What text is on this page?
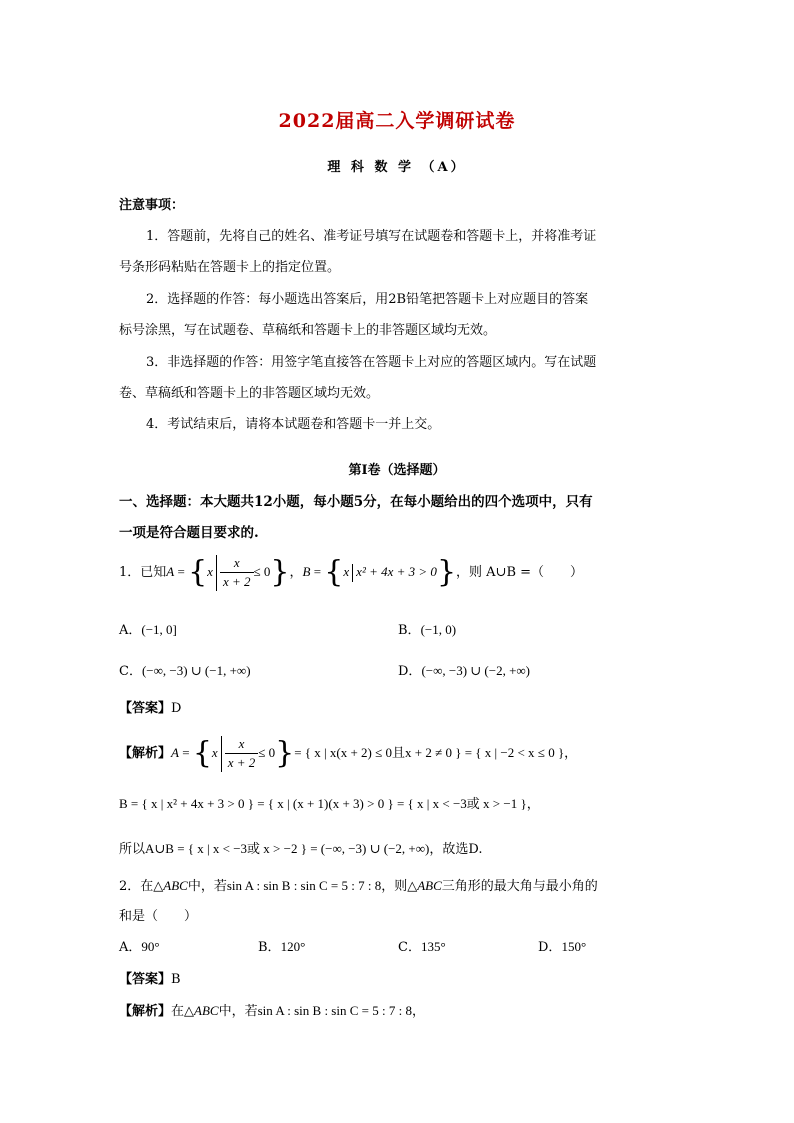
2022届高二入学调研试卷
理 科 数 学 （A）
注意事项：
1．答题前，先将自己的姓名、准考证号填写在试题卷和答题卡上，并将准考证
号条形码粘贴在答题卡上的指定位置。
2．选择题的作答：每小题选出答案后，用2B铅笔把答题卡上对应题目的答案
标号涂黑，写在试题卷、草稿纸和答题卡上的非答题区域均无效。
3．非选择题的作答：用签字笔直接答在答题卡上对应的答题区域内。写在试题
卷、草稿纸和答题卡上的非答题区域均无效。
4．考试结束后，请将本试题卷和答题卡一并上交。
第Ⅰ卷（选择题）
一、选择题：本大题共12小题，每小题5分，在每小题给出的四个选项中，只有
一项是符合题目要求的.
1．已知$A = \{x \frac{x}{x + 2} \le 0\}$，B = {x x² + 4x + 3 > 0}，则 A∪B =（　　）
A．(−1, 0]	B．(−1, 0)
C．(−∞, −3) ∪ (−1, +∞)	D．(−∞, −3) ∪ (−2, +∞)
【答案】D
【解析】$A = \{x \frac{x}{x + 2} \le 0\}=$ { x | x(x + 2) ≤ 0且x + 2 ≠ 0 } = { x | −2 < x ≤ 0 }，
B = { x | x² + 4x + 3 > 0 } = { x | (x + 1)(x + 3) > 0 } = { x | x < −3或 x > −1 }，
所以A∪B = { x | x < −3或 x > −2 } = (−∞, −3) ∪ (−2, +∞)，故选D.
2．在△ABC中，若sin A : sin B : sin C = 5 : 7 : 8，则△ABC三角形的最大角与最小角的
和是（　　）
A．90°	B．120°	C．135°	D．150°
【答案】B
【解析】在△ABC中，若sin A : sin B : sin C = 5 : 7 : 8，
